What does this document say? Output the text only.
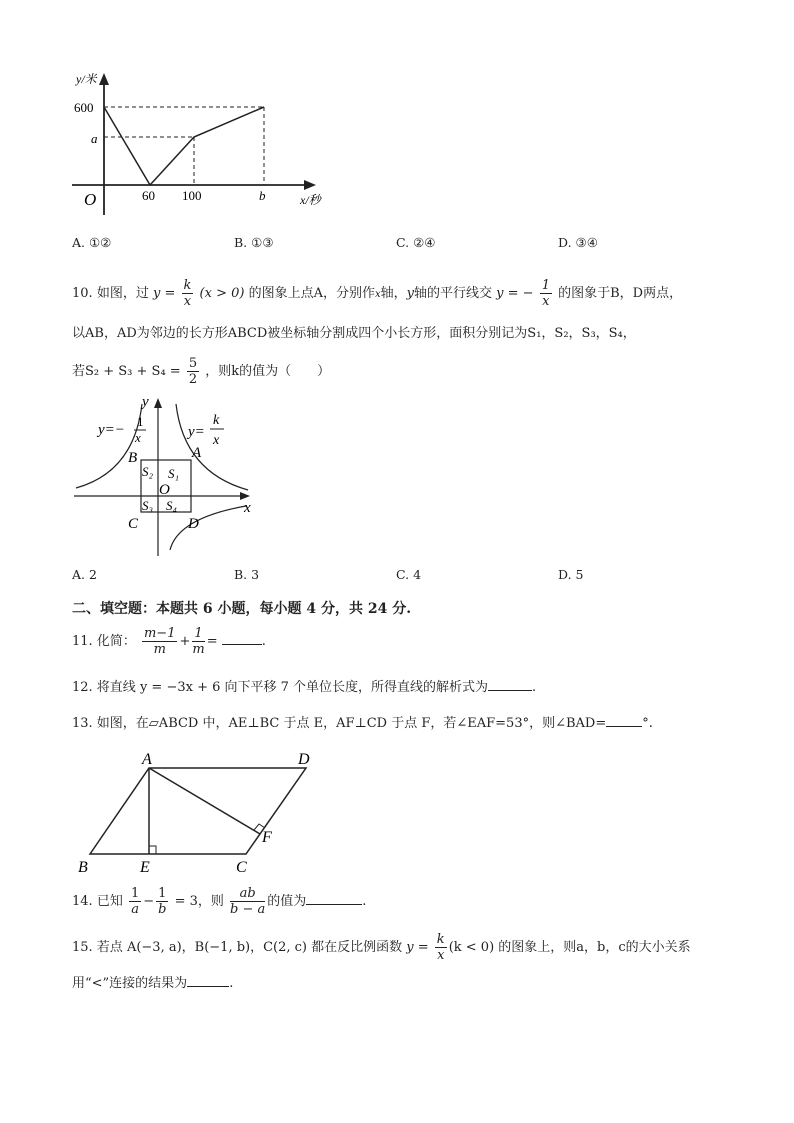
y/米
600
a
O	60 100	b	x/秒
A. ①②	B. ①③	C. ②④	D. ③④
10. 如图，过 $y = \frac{k}{x} (x > 0)$ 的图象上点A，分别作x轴，y轴的平行线交 y = − $\frac{1}{x}$ 的图象于B，D两点，
以AB，AD为邻边的长方形ABCD被坐标轴分割成四个小长方形，面积分别记为S₁，S₂，S₃，S₄，
若$S_2 + S_3 + S_4 = \frac{5}{2}$ ，则k的值为（　　）
y=−
1
x	y=
k
x
y
x
B	A
C	D
O
S₂ S₁
S₃ S₄
A. 2	B. 3	C. 4	D. 5
二、填空题：本题共 6 小题，每小题 4 分，共 24 分.
11. 化简： $\frac{m-1}{m} + \frac{1}{m}$ =	.
12. 将直线 y = −3x + 6 向下平移 7 个单位长度，所得直线的解析式为	.
13. 如图，在▱ABCD 中，AE⊥BC 于点 E，AF⊥CD 于点 F，若∠EAF=53°，则∠BAD=	°.
A	D
B	E	C
F
14. 已知 $\frac{1}{a} - \frac{1}{b} = 3$，则 $\frac{ab}{b - a}$ 的值为	.
15. 若点 A(−3, a)，B(−1, b)，C(2, c) 都在反比例函数 $y = \frac{k}{x} (k < 0)$ 的图象上，则a，b，c的大小关系
用“<”连接的结果为	.
